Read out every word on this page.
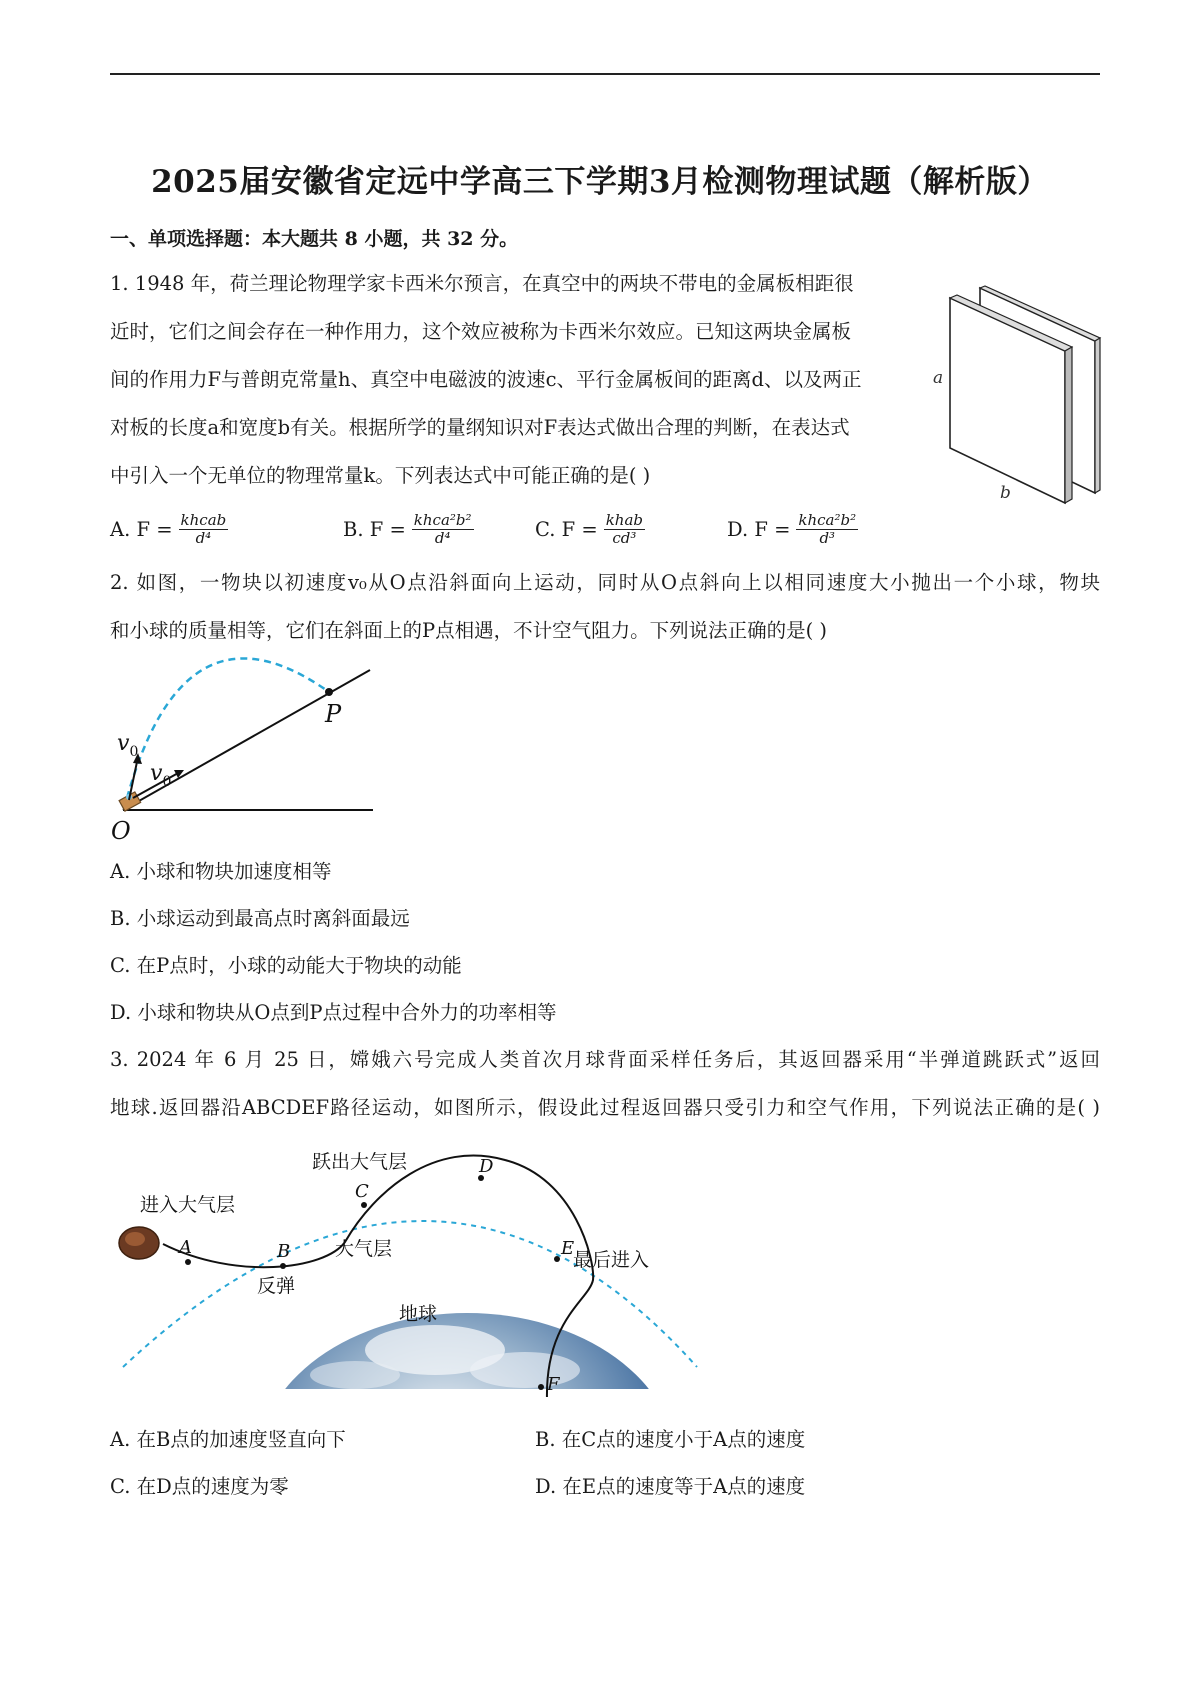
2025届安徽省定远中学高三下学期3月检测物理试题（解析版）
一、单项选择题：本大题共 8 小题，共 32 分。
1. 1948 年，荷兰理论物理学家卡西米尔预言，在真空中的两块不带电的金属板相距很
近时，它们之间会存在一种作用力，这个效应被称为卡西米尔效应。已知这两块金属板
间的作用力F与普朗克常量h、真空中电磁波的波速c、平行金属板间的距离d、以及两正
对板的长度a和宽度b有关。根据所学的量纲知识对F表达式做出合理的判断，在表达式
中引入一个无单位的物理常量k。下列表达式中可能正确的是( )
A. $F = \frac{\text{khcab}}{\text{d⁴}}$	B. $F = \frac{\text{khca²b²}}{\text{d⁴}}$	C. $F = \frac{\text{khab}}{\text{cd³}}$	D. $F = \frac{\text{khca²b²}}{\text{d³}}$
a
b
2. 如图，一物块以初速度v₀从O点沿斜面向上运动，同时从O点斜向上以相同速度大小抛出一个小球，物块
和小球的质量相等，它们在斜面上的P点相遇，不计空气阻力。下列说法正确的是( )
P
$v_0$
$v_0$
O
A. 小球和物块加速度相等
B. 小球运动到最高点时离斜面最远
C. 在P点时，小球的动能大于物块的动能
D. 小球和物块从O点到P点过程中合外力的功率相等
3. 2024 年 6 月 25 日，嫦娥六号完成人类首次月球背面采样任务后，其返回器采用“半弹道跳跃式”返回
地球.返回器沿ABCDEF路径运动，如图所示，假设此过程返回器只受引力和空气作用，下列说法正确的是( )
进入大气层
跃出大气层
大气层
反弹
最后进入
地球
A	B
C
D
E
F
A. 在B点的加速度竖直向下	B. 在C点的速度小于A点的速度
C. 在D点的速度为零	D. 在E点的速度等于A点的速度
